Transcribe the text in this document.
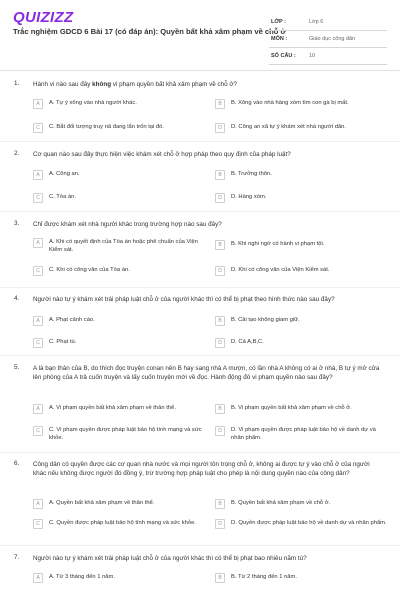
QUIZIZZ
Trắc nghiệm GDCD 6 Bài 17 (có đáp án): Quyền bất khả xâm phạm về chỗ ở
LỚP :	Lớp 6
MÔN :	Giáo dục công dân
SỐ CÂU :	10
1. Hành vi nào sau đây không vi phạm quyền bất khả xâm phạm về chỗ ở?
A	A. Tự ý xông vào nhà người khác.	B	B. Xông vào nhà hàng xóm tìm con gà bị mất.
C	C. Bắt đối tượng truy nã đang lẩn trốn tại đó.	D	D. Công an xã tự ý khám xét nhà người dân.
2. Cơ quan nào sau đây thực hiện việc khám xét chỗ ở hợp pháp theo quy định của pháp luật?
A	A. Công an.	B	B. Trưởng thôn.
C	C. Tòa án.	D	D. Hàng xóm.
3. Chỉ được khám xét nhà người khác trong trường hợp nào sau đây?
A	A. Khi có quyết định của Tòa án hoặc phê chuẩn của Viện Kiểm sát.
B	B. Khi nghi ngờ có hành vi phạm tội.
C	C. Khi có công văn của Tòa án.	D	D. Khi có công văn của Viện Kiểm sát.
4. Người nào tự ý khám xét trái pháp luật chỗ ở của người khác thì có thể bị phạt theo hình thức nào sau đây?
A	A. Phạt cảnh cáo.	B	B. Cải tạo không giam giữ.
C	C. Phạt tù.	D	D. Cả A,B,C.
5. A là bạn thân của B, do thích đọc truyện conan nên B hay sang nhà A mượn, có lần nhà A không có ai ở nhà, B tự ý mở cửa lên phòng của A trả cuốn truyện và lấy cuốn truyện mới về đọc. Hành động đó vi phạm quyền nào sau đây?
A	A. Vi phạm quyền bất khả xâm phạm về thân thể.	B	B. Vi phạm quyền bất khả xâm phạm về chỗ ở.
C	C. Vi phạm quyền được pháp luật bảo hộ tính mạng và sức khỏe.
D	D. Vi phạm quyền được pháp luật bảo hộ về danh dự và nhân phẩm.
6. Công dân có quyền được các cơ quan nhà nước và mọi người tôn trọng chỗ ở, không ai được tự ý vào chỗ ở của người khác nếu không được người đó đồng ý, trừ trường hợp pháp luật cho phép là nội dung quyền nào của công dân?
A	A. Quyền bất khả xâm phạm về thân thể.	B	B. Quyền bất khả xâm phạm về chỗ ở.
C	C. Quyền được pháp luật bảo hộ tính mạng và sức khỏe.	D	D. Quyền được pháp luật bảo hộ về danh dự và nhân phẩm.
7. Người nào tự ý khám xét trái pháp luật chỗ ở của người khác thì có thể bị phạt bao nhiêu năm tù?
A	A. Từ 3 tháng đến 1 năm.	B	B. Từ 2 tháng đến 1 năm.
